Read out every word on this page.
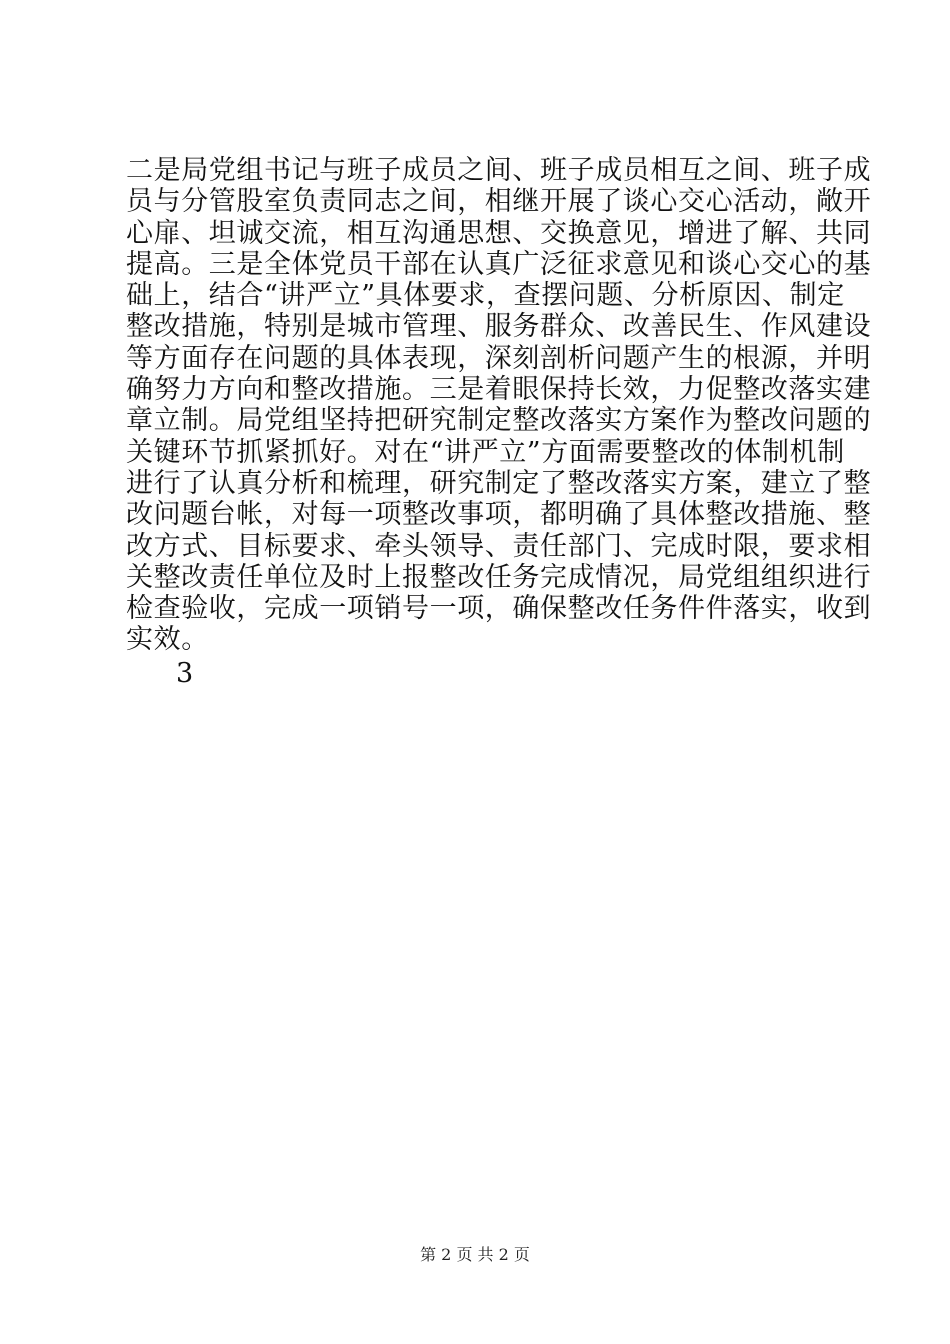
二是局党组书记与班子成员之间、班子成员相互之间、班子成
员与分管股室负责同志之间，相继开展了谈心交心活动，敞开
心扉、坦诚交流，相互沟通思想、交换意见，增进了解、共同
提高。三是全体党员干部在认真广泛征求意见和谈心交心的基
础上，结合“讲严立”具体要求，查摆问题、分析原因、制定
整改措施，特别是城市管理、服务群众、改善民生、作风建设
等方面存在问题的具体表现，深刻剖析问题产生的根源，并明
确努力方向和整改措施。三是着眼保持长效，力促整改落实建
章立制。局党组坚持把研究制定整改落实方案作为整改问题的
关键环节抓紧抓好。对在“讲严立”方面需要整改的体制机制
进行了认真分析和梳理，研究制定了整改落实方案，建立了整
改问题台帐，对每一项整改事项，都明确了具体整改措施、整
改方式、目标要求、牵头领导、责任部门、完成时限，要求相
关整改责任单位及时上报整改任务完成情况，局党组组织进行
检查验收，完成一项销号一项，确保整改任务件件落实，收到
实效。
3
第 2 页 共 2 页
